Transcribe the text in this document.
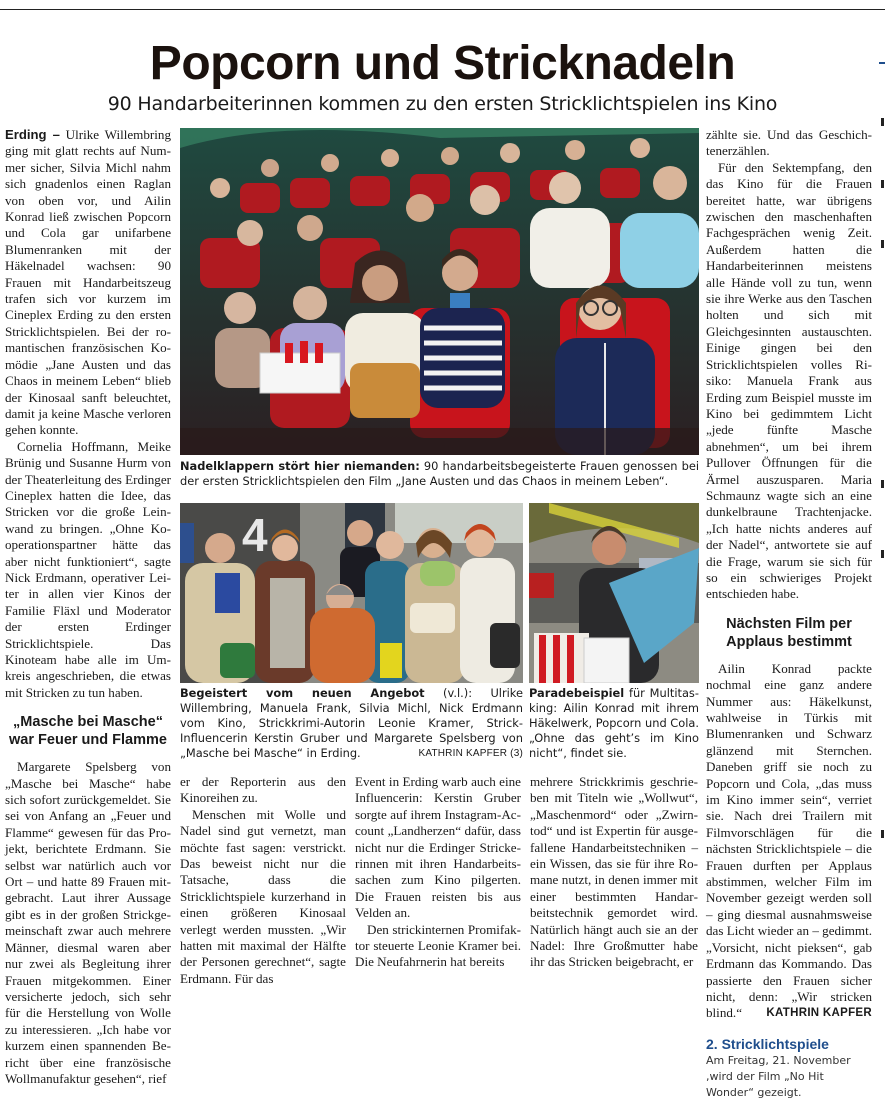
Popcorn und Stricknadeln
90 Handarbeiterinnen kommen zu den ersten Stricklichtspielen ins Kino

Erding – Ulrike Willembring ging mit glatt rechts auf Nummer sicher, Silvia Michl nahm sich gnadenlos einen Raglan von oben vor, und Ailin Konrad ließ zwischen Popcorn und Cola gar unifarbene Blumenranken mit der Häkelnadel wachsen: 90 Frauen mit Handarbeitszeug trafen sich vor kurzem im Cineplex Erding zu den ersten Stricklichtspielen. Bei der romantischen französischen Komödie „Jane Austen und das Chaos in meinem Leben“ blieb der Kinosaal sanft beleuchtet, damit ja keine Masche verloren gehen konnte.

Cornelia Hoffmann, Meike Brünig und Susanne Hurm von der Theaterleitung des Erdinger Cineplex hatten die Idee, das Stricken vor die große Leinwand zu bringen. „Ohne Kooperationspartner hätte das aber nicht funktioniert“, sagte Nick Erdmann, operativer Leiter in allen vier Kinos der Familie Fläxl und Moderator der ersten Erdinger Stricklichtspiele. Das Kinoteam habe alle im Umkreis angeschrieben, die etwas mit Stricken zu tun haben.

„Masche bei Masche“ war Feuer und Flamme

Margarete Spelsberg von „Masche bei Masche“ habe sich sofort zurückgemeldet. Sie sei von Anfang an „Feuer und Flamme“ gewesen für das Projekt, berichtete Erdmann. Sie selbst war natürlich auch vor Ort – und hatte 89 Frauen mitgebracht. Laut ihrer Aussage gibt es in der großen Strickgemeinschaft zwar auch mehrere Männer, diesmal waren aber nur zwei als Begleitung ihrer Frauen mitgekommen. Einer versicherte jedoch, sich sehr für die Herstellung von Wolle zu interessieren. „Ich habe vor kurzem einen spannenden Bericht über eine französische Wollmanufaktur gesehen“, rief

Nadelklappern stört hier niemanden: 90 handarbeitsbegeisterte Frauen genossen bei der ersten Stricklichtspielen den Film „Jane Austen und das Chaos in meinem Leben“.
4
Begeistert vom neuen Angebot (v.l.): Ulrike Willembring, Manuela Frank, Silvia Michl, Nick Erdmann vom Kino, Strickkrimi-Autorin Leonie Kramer, Strick-Influencerin Kerstin Gruber und Margarete Spelsberg von „Masche bei Masche“ in Erding.	KATHRIN KAPFER (3)
Paradebeispiel für Multitasking: Ailin Konrad mit ihrem Häkelwerk, Popcorn und Cola. „Ohne das geht’s im Kino nicht“, findet sie.

er der Reporterin aus den Kinoreihen zu.

Menschen mit Wolle und Nadel sind gut vernetzt, man möchte fast sagen: verstrickt. Das beweist nicht nur die Tatsache, dass die Stricklichtspiele kurzerhand in einen größeren Kinosaal verlegt werden mussten. „Wir hatten mit maximal der Hälfte der Personen gerechnet“, sagte Erdmann. Für das

Event in Erding warb auch eine Influencerin: Kerstin Gruber sorgte auf ihrem Instagram-Account „Landherzen“ dafür, dass nicht nur die Erdinger Strickerinnen mit ihren Handarbeitssachen zum Kino pilgerten. Die Frauen reisten bis aus Velden an.

Den strickinternen Promifaktor steuerte Leonie Kramer bei. Die Neufahrnerin hat bereits

mehrere Strickkrimis geschrieben mit Titeln wie „Wollwut“, „Maschenmord“ oder „Zwirntod“ und ist Expertin für ausgefallene Handarbeitstechniken – ein Wissen, das sie für ihre Romane nutzt, in denen immer mit einer bestimmten Handarbeitstechnik gemordet wird. Natürlich hängt auch sie an der Nadel: Ihre Großmutter habe ihr das Stricken beigebracht, er

zählte sie. Und das Geschichtenerzählen.

Für den Sektempfang, den das Kino für die Frauen bereitet hatte, war übrigens zwischen den maschenhaften Fachgesprächen wenig Zeit. Außerdem hatten die Handarbeiterinnen meistens alle Hände voll zu tun, wenn sie ihre Werke aus den Taschen holten und sich mit Gleichgesinnten austauschten. Einige gingen bei den Stricklichtspielen volles Risiko: Manuela Frank aus Erding zum Beispiel musste im Kino bei gedimmtem Licht „jede fünfte Masche abnehmen“, um bei ihrem Pullover Öffnungen für die Ärmel auszusparen. Maria Schmaunz wagte sich an eine dunkelbraune Trachtenjacke. „Ich hatte nichts anderes auf der Nadel“, antwortete sie auf die Frage, warum sie sich für so ein schwieriges Projekt entschieden habe.

Nächsten Film per Applaus bestimmt

Ailin Konrad packte nochmal eine ganz andere Nummer aus: Häkelkunst, wahlweise in Türkis mit Blumenranken und Schwarz glänzend mit Sternchen. Daneben griff sie noch zu Popcorn und Cola, „das muss im Kino immer sein“, verriet sie. Nach drei Trailern mit Filmvorschlägen für die nächsten Stricklichtspiele – die Frauen durften per Applaus abstimmen, welcher Film im November gezeigt werden soll – ging diesmal ausnahmsweise das Licht wieder an – gedimmt. „Vorsicht, nicht pieksen“, gab Erdmann das Kommando. Das passierte den Frauen sicher nicht, denn: „Wir stricken blind.“	KATHRIN KAPFER

2. Stricklichtspiele
Am Freitag, 21. November ,wird der Film „No Hit Wonder“ gezeigt.
